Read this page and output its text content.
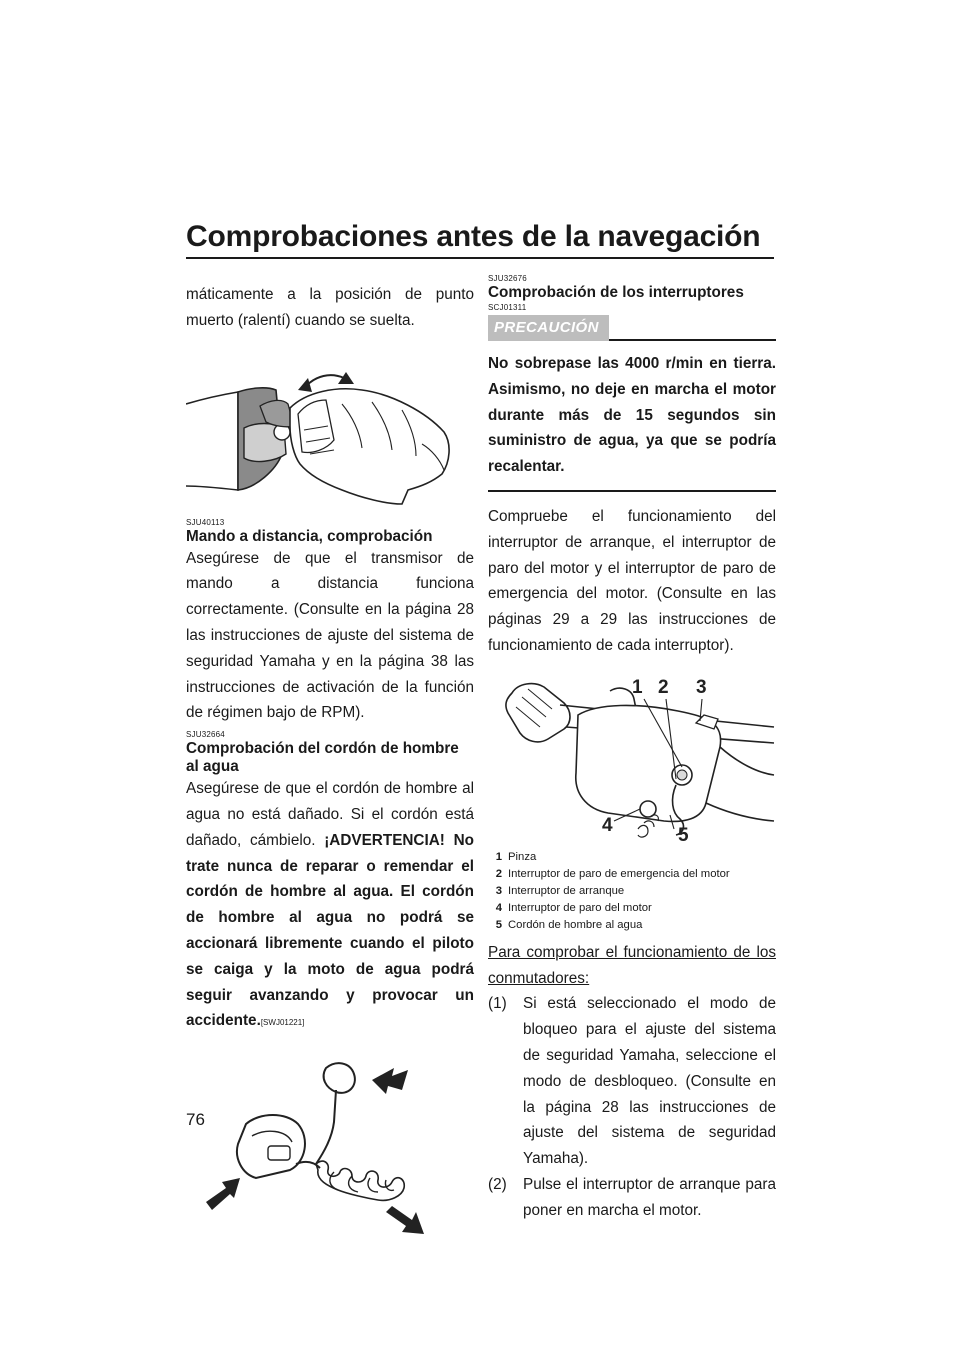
Comprobaciones antes de la navegación

máticamente a la posición de punto muerto (ralentí) cuando se suelta.

SJU40113

Mando a distancia, comprobación

Asegúrese de que el transmisor de mando a distancia funciona correctamente. (Consulte en la página 28 las instrucciones de ajuste del sistema de seguridad Yamaha y en la página 38 las instrucciones de activación de la función de régimen bajo de RPM).

SJU32664

Comprobación del cordón de hombre al agua

Asegúrese de que el cordón de hombre al agua no está dañado. Si el cordón está dañado, cámbielo. ¡ADVERTENCIA! No trate nunca de reparar o remendar el cordón de hombre al agua. El cordón de hombre al agua no podrá se accionará libremente cuando el piloto se caiga y la moto de agua podrá seguir avanzando y provocar un accidente.[SWJ01221]

SJU32676

Comprobación de los interruptores

SCJ01311

PRECAUCIÓN

No sobrepase las 4000 r/min en tierra. Asimismo, no deje en marcha el motor durante más de 15 segundos sin suministro de agua, ya que se podría recalentar.

Compruebe el funcionamiento del interruptor de arranque, el interruptor de paro del motor y el interruptor de paro de emergencia del motor. (Consulte en las páginas 29 a 29 las instrucciones de funcionamiento de cada interruptor).

1 2 3
4	5
1 Pinza
2 Interruptor de paro de emergencia del motor
3 Interruptor de arranque
4 Interruptor de paro del motor
5 Cordón de hombre al agua

Para comprobar el funcionamiento de los conmutadores:

(1)	Si está seleccionado el modo de bloqueo para el ajuste del sistema de seguridad Yamaha, seleccione el modo de desbloqueo. (Consulte en la página 28 las instrucciones de ajuste del sistema de seguridad Yamaha).
(2)	Pulse el interruptor de arranque para poner en marcha el motor.
76
